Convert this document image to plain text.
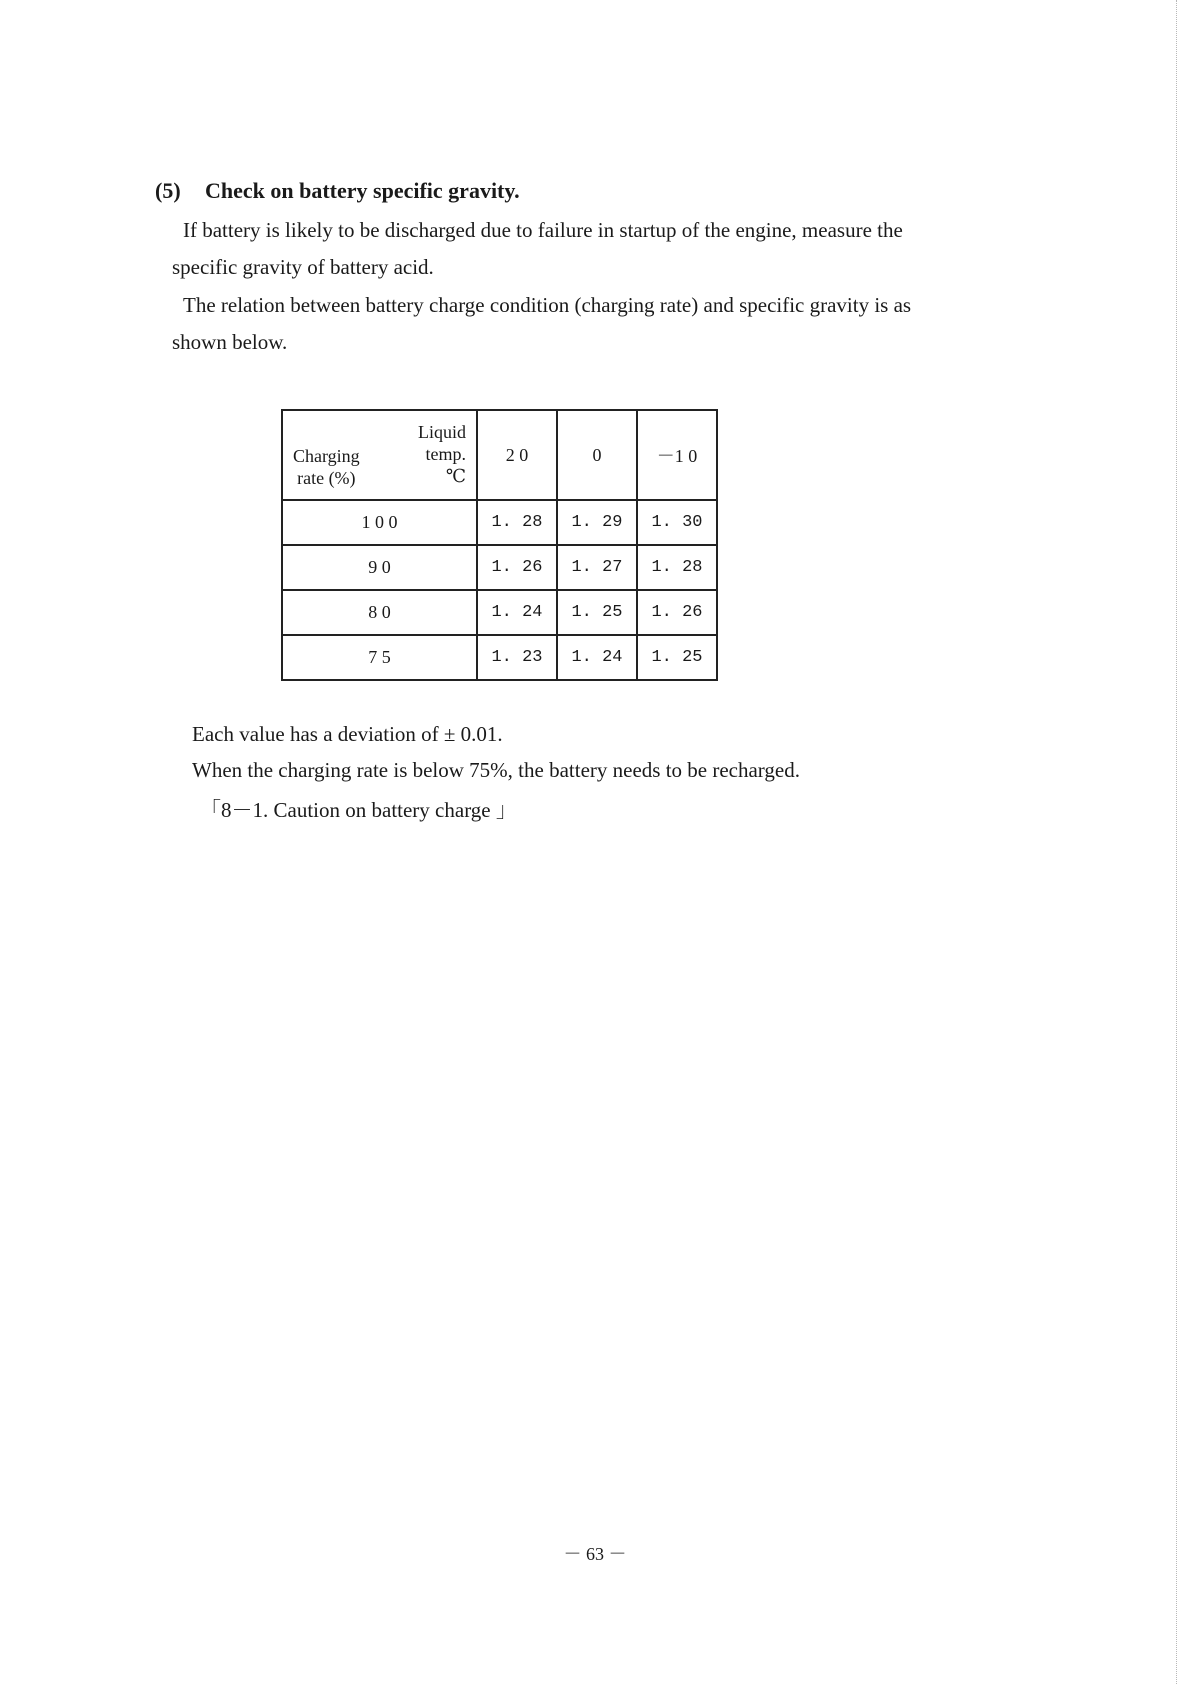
(5) Check on battery specific gravity.

If battery is likely to be discharged due to failure in startup of the engine, measure the
specific gravity of battery acid.

The relation between battery charge condition (charging rate) and specific gravity is as
shown below.

Liquid
temp.
℃
Charging
rate (%)	2 0	0	－1 0
1 0 0	1. 28	1. 29	1. 30
9 0	1. 26	1. 27	1. 28
8 0	1. 24	1. 25	1. 26
7 5	1. 23	1. 24	1. 25

Each value has a deviation of ± 0.01.

When the charging rate is below 75%, the battery needs to be recharged.

「8－1. Caution on battery charge 」

－ 63 －
